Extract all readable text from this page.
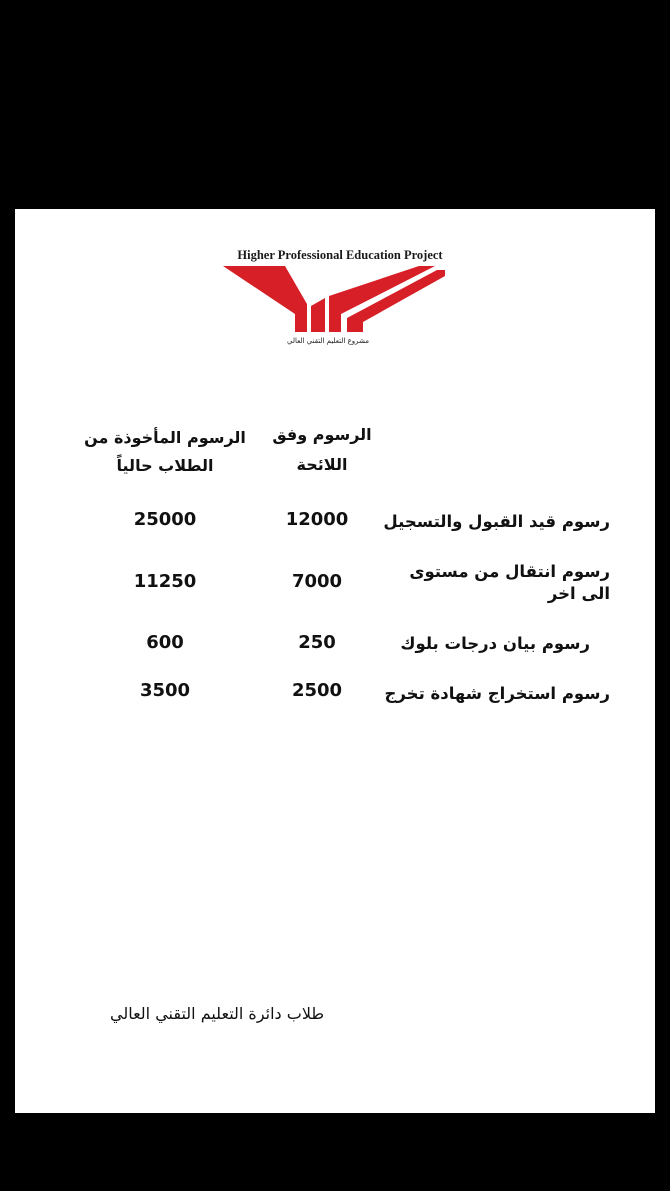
Higher Professional Education Project
مشروع التعليم التقني العالي
الرسوم وفق اللائحة
الرسوم المأخوذة من الطلاب حالياً
رسوم قيد القبول والتسجيل
12000
25000
رسوم انتقال من مستوى الى اخر
7000
11250
رسوم بيان درجات بلوك
250
600
رسوم استخراج شهادة تخرج
2500
3500
طلاب دائرة التعليم التقني العالي
